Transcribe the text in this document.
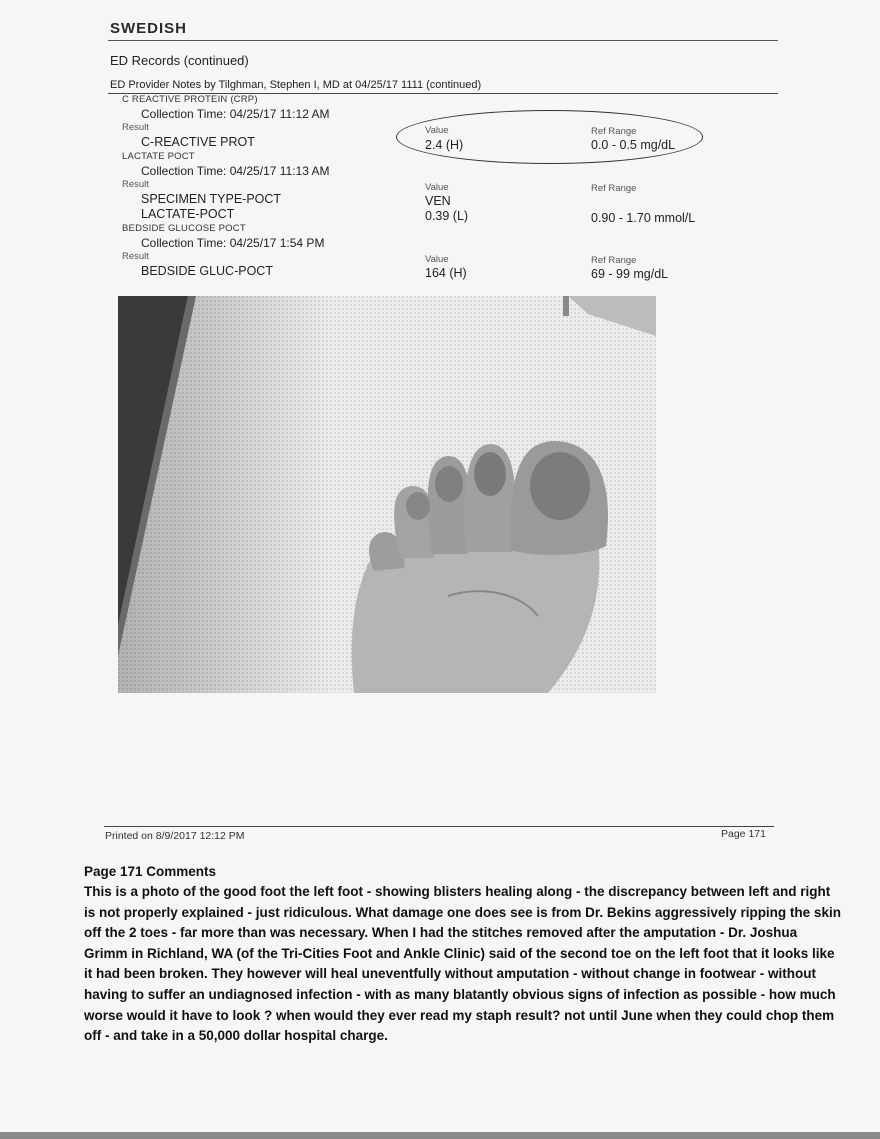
SWEDISH
ED Records (continued)
ED Provider Notes by Tilghman, Stephen I, MD at 04/25/17 1111 (continued)
C REACTIVE PROTEIN (CRP)
Collection Time: 04/25/17 11:12 AM
Result	Value	Ref Range
C-REACTIVE PROT	2.4 (H)	0.0 - 0.5 mg/dL
LACTATE POCT
Collection Time: 04/25/17 11:13 AM
Result	Value	Ref Range
SPECIMEN TYPE-POCT	VEN
LACTATE-POCT	0.39 (L)	0.90 - 1.70 mmol/L
BEDSIDE GLUCOSE POCT
Collection Time: 04/25/17 1:54 PM
Result	Value	Ref Range
BEDSIDE GLUC-POCT	164 (H)	69 - 99 mg/dL
Printed on 8/9/2017 12:12 PM	Page 171
Page 171 Comments
This is a photo of the good foot the left foot - showing blisters healing along - the discrepancy between left and right is not properly explained - just ridiculous. What damage one does see is from Dr. Bekins aggressively ripping the skin off the 2 toes - far more than was necessary. When I had the stitches removed after the amputation - Dr. Joshua Grimm in Richland, WA (of the Tri-Cities Foot and Ankle Clinic) said of the second toe on the left foot that it looks like it had been broken. They however will heal uneventfully without amputation - without change in footwear - without having to suffer an undiagnosed infection - with as many blatantly obvious signs of infection as possible - how much worse would it have to look ? when would they ever read my staph result? not until June when they could chop them off - and take in a 50,000 dollar hospital charge.
